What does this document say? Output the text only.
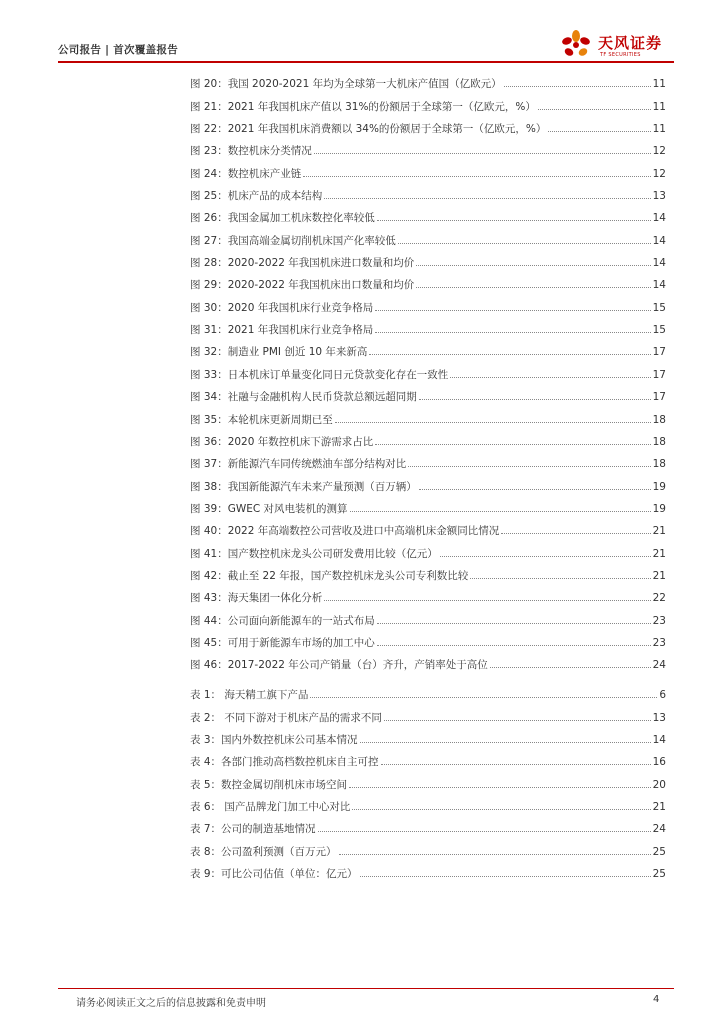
公司报告 | 首次覆盖报告	天风证券
TF SECURITIES
图 20：我国 2020-2021 年均为全球第一大机床产值国（亿欧元）	11
图 21：2021 年我国机床产值以 31%的份额居于全球第一（亿欧元，%）	11
图 22：2021 年我国机床消费额以 34%的份额居于全球第一（亿欧元，%）	11
图 23：数控机床分类情况	12
图 24：数控机床产业链	12
图 25：机床产品的成本结构	13
图 26：我国金属加工机床数控化率较低	14
图 27：我国高端金属切削机床国产化率较低	14
图 28：2020-2022 年我国机床进口数量和均价	14
图 29：2020-2022 年我国机床出口数量和均价	14
图 30：2020 年我国机床行业竞争格局	15
图 31：2021 年我国机床行业竞争格局	15
图 32：制造业 PMI 创近 10 年来新高	17
图 33：日本机床订单量变化同日元贷款变化存在一致性	17
图 34：社融与金融机构人民币贷款总额远超同期	17
图 35：本轮机床更新周期已至	18
图 36：2020 年数控机床下游需求占比	18
图 37：新能源汽车同传统燃油车部分结构对比	18
图 38：我国新能源汽车未来产量预测（百万辆）	19
图 39：GWEC 对风电装机的测算	19
图 40：2022 年高端数控公司营收及进口中高端机床金额同比情况	21
图 41：国产数控机床龙头公司研发费用比较（亿元）	21
图 42：截止至 22 年报，国产数控机床龙头公司专利数比较	21
图 43：海天集团一体化分析	22
图 44：公司面向新能源车的一站式布局	23
图 45：可用于新能源车市场的加工中心	23
图 46：2017-2022 年公司产销量（台）齐升，产销率处于高位	24
表 1： 海天精工旗下产品	6
表 2： 不同下游对于机床产品的需求不同	13
表 3：国内外数控机床公司基本情况	14
表 4：各部门推动高档数控机床自主可控	16
表 5：数控金属切削机床市场空间	20
表 6： 国产品牌龙门加工中心对比	21
表 7：公司的制造基地情况	24
表 8：公司盈利预测（百万元）	25
表 9：可比公司估值（单位：亿元）	25
请务必阅读正文之后的信息披露和免责申明	4
